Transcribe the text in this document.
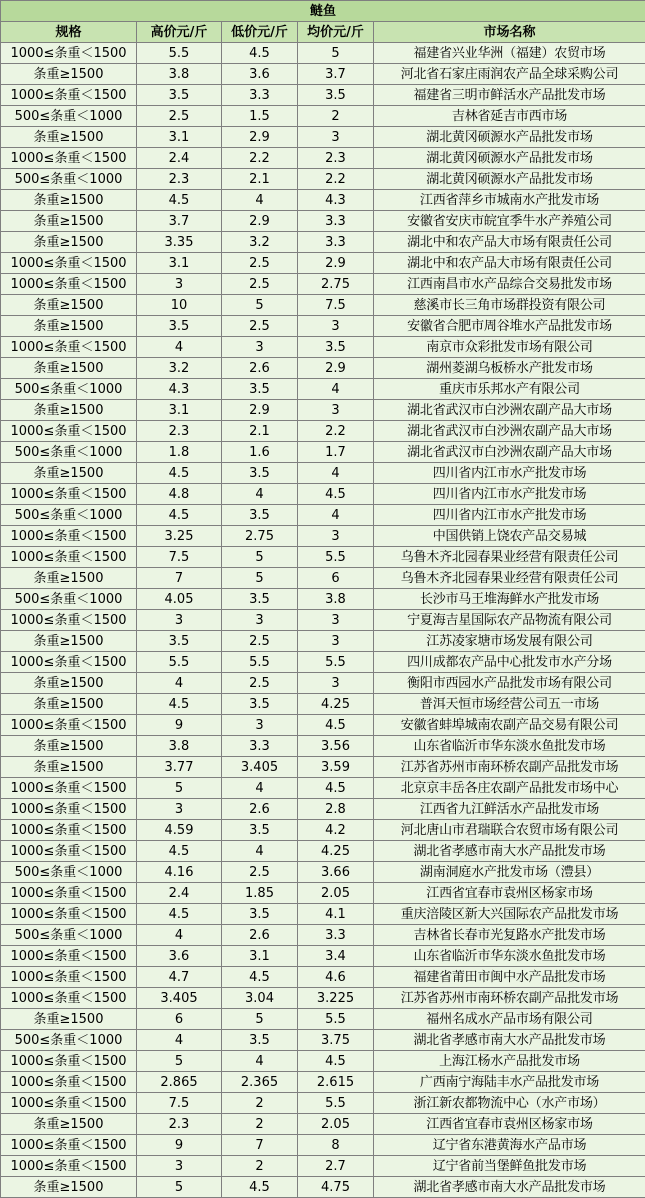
鲢鱼				
规格	高价元/斤	低价元/斤	均价元/斤	市场名称
1000≤条重＜1500	5.5	4.5	5	福建省兴业华洲（福建）农贸市场
条重≥1500	3.8	3.6	3.7	河北省石家庄雨润农产品全球采购公司
1000≤条重＜1500	3.5	3.3	3.5	福建省三明市鲜活水产品批发市场
500≤条重＜1000	2.5	1.5	2	吉林省延吉市西市场
条重≥1500	3.1	2.9	3	湖北黄冈硕源水产品批发市场
1000≤条重＜1500	2.4	2.2	2.3	湖北黄冈硕源水产品批发市场
500≤条重＜1000	2.3	2.1	2.2	湖北黄冈硕源水产品批发市场
条重≥1500	4.5	4	4.3	江西省萍乡市城南水产批发市场
条重≥1500	3.7	2.9	3.3	安徽省安庆市皖宜季牛水产养殖公司
条重≥1500	3.35	3.2	3.3	湖北中和农产品大市场有限责任公司
1000≤条重＜1500	3.1	2.5	2.9	湖北中和农产品大市场有限责任公司
1000≤条重＜1500	3	2.5	2.75	江西南昌市水产品综合交易批发市场
条重≥1500	10	5	7.5	慈溪市长三角市场群投资有限公司
条重≥1500	3.5	2.5	3	安徽省合肥市周谷堆水产品批发市场
1000≤条重＜1500	4	3	3.5	南京市众彩批发市场有限公司
条重≥1500	3.2	2.6	2.9	湖州菱湖乌板桥水产批发市场
500≤条重＜1000	4.3	3.5	4	重庆市乐邦水产有限公司
条重≥1500	3.1	2.9	3	湖北省武汉市白沙洲农副产品大市场
1000≤条重＜1500	2.3	2.1	2.2	湖北省武汉市白沙洲农副产品大市场
500≤条重＜1000	1.8	1.6	1.7	湖北省武汉市白沙洲农副产品大市场
条重≥1500	4.5	3.5	4	四川省内江市水产批发市场
1000≤条重＜1500	4.8	4	4.5	四川省内江市水产批发市场
500≤条重＜1000	4.5	3.5	4	四川省内江市水产批发市场
1000≤条重＜1500	3.25	2.75	3	中国供销上饶农产品交易城
1000≤条重＜1500	7.5	5	5.5	乌鲁木齐北园春果业经营有限责任公司
条重≥1500	7	5	6	乌鲁木齐北园春果业经营有限责任公司
500≤条重＜1000	4.05	3.5	3.8	长沙市马王堆海鲜水产批发市场
1000≤条重＜1500	3	3	3	宁夏海吉星国际农产品物流有限公司
条重≥1500	3.5	2.5	3	江苏凌家塘市场发展有限公司
1000≤条重＜1500	5.5	5.5	5.5	四川成都农产品中心批发市水产分场
条重≥1500	4	2.5	3	衡阳市西园水产品批发市场有限公司
条重≥1500	4.5	3.5	4.25	普洱天恒市场经营公司五一市场
1000≤条重＜1500	9	3	4.5	安徽省蚌埠城南农副产品交易有限公司
条重≥1500	3.8	3.3	3.56	山东省临沂市华东淡水鱼批发市场
条重≥1500	3.77	3.405	3.59	江苏省苏州市南环桥农副产品批发市场
1000≤条重＜1500	5	4	4.5	北京京丰岳各庄农副产品批发市场中心
1000≤条重＜1500	3	2.6	2.8	江西省九江鲜活水产品批发市场
1000≤条重＜1500	4.59	3.5	4.2	河北唐山市君瑞联合农贸市场有限公司
1000≤条重＜1500	4.5	4	4.25	湖北省孝感市南大水产品批发市场
500≤条重＜1000	4.16	2.5	3.66	湖南洞庭水产批发市场（澧县）
1000≤条重＜1500	2.4	1.85	2.05	江西省宜春市袁州区杨家市场
1000≤条重＜1500	4.5	3.5	4.1	重庆涪陵区新大兴国际农产品批发市场
500≤条重＜1000	4	2.6	3.3	吉林省长春市光复路水产批发市场
1000≤条重＜1500	3.6	3.1	3.4	山东省临沂市华东淡水鱼批发市场
1000≤条重＜1500	4.7	4.5	4.6	福建省莆田市闽中水产品批发市场
1000≤条重＜1500	3.405	3.04	3.225	江苏省苏州市南环桥农副产品批发市场
条重≥1500	6	5	5.5	福州名成水产品市场有限公司
500≤条重＜1000	4	3.5	3.75	湖北省孝感市南大水产品批发市场
1000≤条重＜1500	5	4	4.5	上海江杨水产品批发市场
1000≤条重＜1500	2.865	2.365	2.615	广西南宁海陆丰水产品批发市场
1000≤条重＜1500	7.5	2	5.5	浙江新农都物流中心（水产市场）
条重≥1500	2.3	2	2.05	江西省宜春市袁州区杨家市场
1000≤条重＜1500	9	7	8	辽宁省东港黄海水产品市场
1000≤条重＜1500	3	2	2.7	辽宁省前当堡鲜鱼批发市场
条重≥1500	5	4.5	4.75	湖北省孝感市南大水产品批发市场
